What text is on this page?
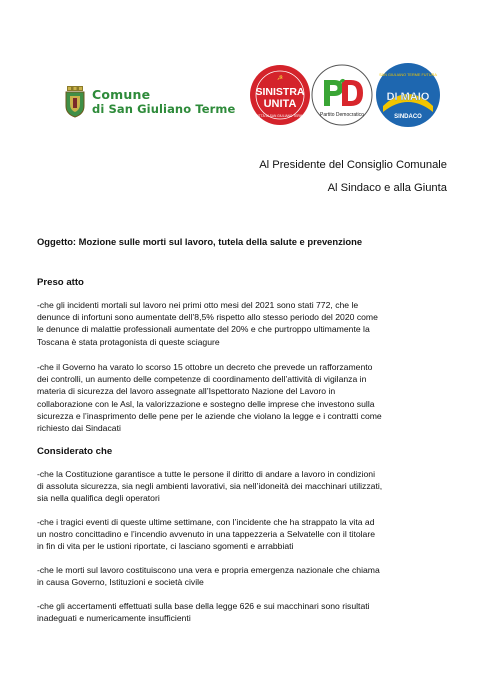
Comune
di San Giuliano Terme
☭
SINISTRA
UNITA
CITTÀ DI SAN GIULIANO TERME	Partito Democratico
SAN GIULIANO TERME FUTURA
DI MAIO
SINDACO
Al Presidente del Consiglio Comunale
Al Sindaco e alla Giunta
Oggetto: Mozione sulle morti sul lavoro, tutela della salute e prevenzione
Preso atto
-che gli incidenti mortali sul lavoro nei primi otto mesi del 2021 sono stati 772, che le
denunce di infortuni sono aumentate dell’8,5% rispetto allo stesso periodo del 2020 come
le denunce di malattie professionali aumentate del 20% e che purtroppo ultimamente la
Toscana è stata protagonista di queste sciagure
-che il Governo ha varato lo scorso 15 ottobre un decreto che prevede un rafforzamento
dei controlli, un aumento delle competenze di coordinamento dell’attività di vigilanza in
materia di sicurezza del lavoro assegnate all’Ispettorato Nazione del Lavoro in
collaborazione con le Asl, la valorizzazione e sostegno delle imprese che investono sulla
sicurezza e l’inasprimento delle pene per le aziende che violano la legge e i contratti come
richiesto dai Sindacati
Considerato che
-che la Costituzione garantisce a tutte le persone il diritto di andare a lavoro in condizioni
di assoluta sicurezza, sia negli ambienti lavorativi, sia nell’idoneità dei macchinari utilizzati,
sia nella qualifica degli operatori
-che i tragici eventi di queste ultime settimane, con l’incidente che ha strappato la vita ad
un nostro concittadino e l’incendio avvenuto in una tappezzeria a Selvatelle con il titolare
in fin di vita per le ustioni riportate, ci lasciano sgomenti e arrabbiati
-che le morti sul lavoro costituiscono una vera e propria emergenza nazionale che chiama
in causa Governo, Istituzioni e società civile
-che gli accertamenti effettuati sulla base della legge 626 e sui macchinari sono risultati
inadeguati e numericamente insufficienti
